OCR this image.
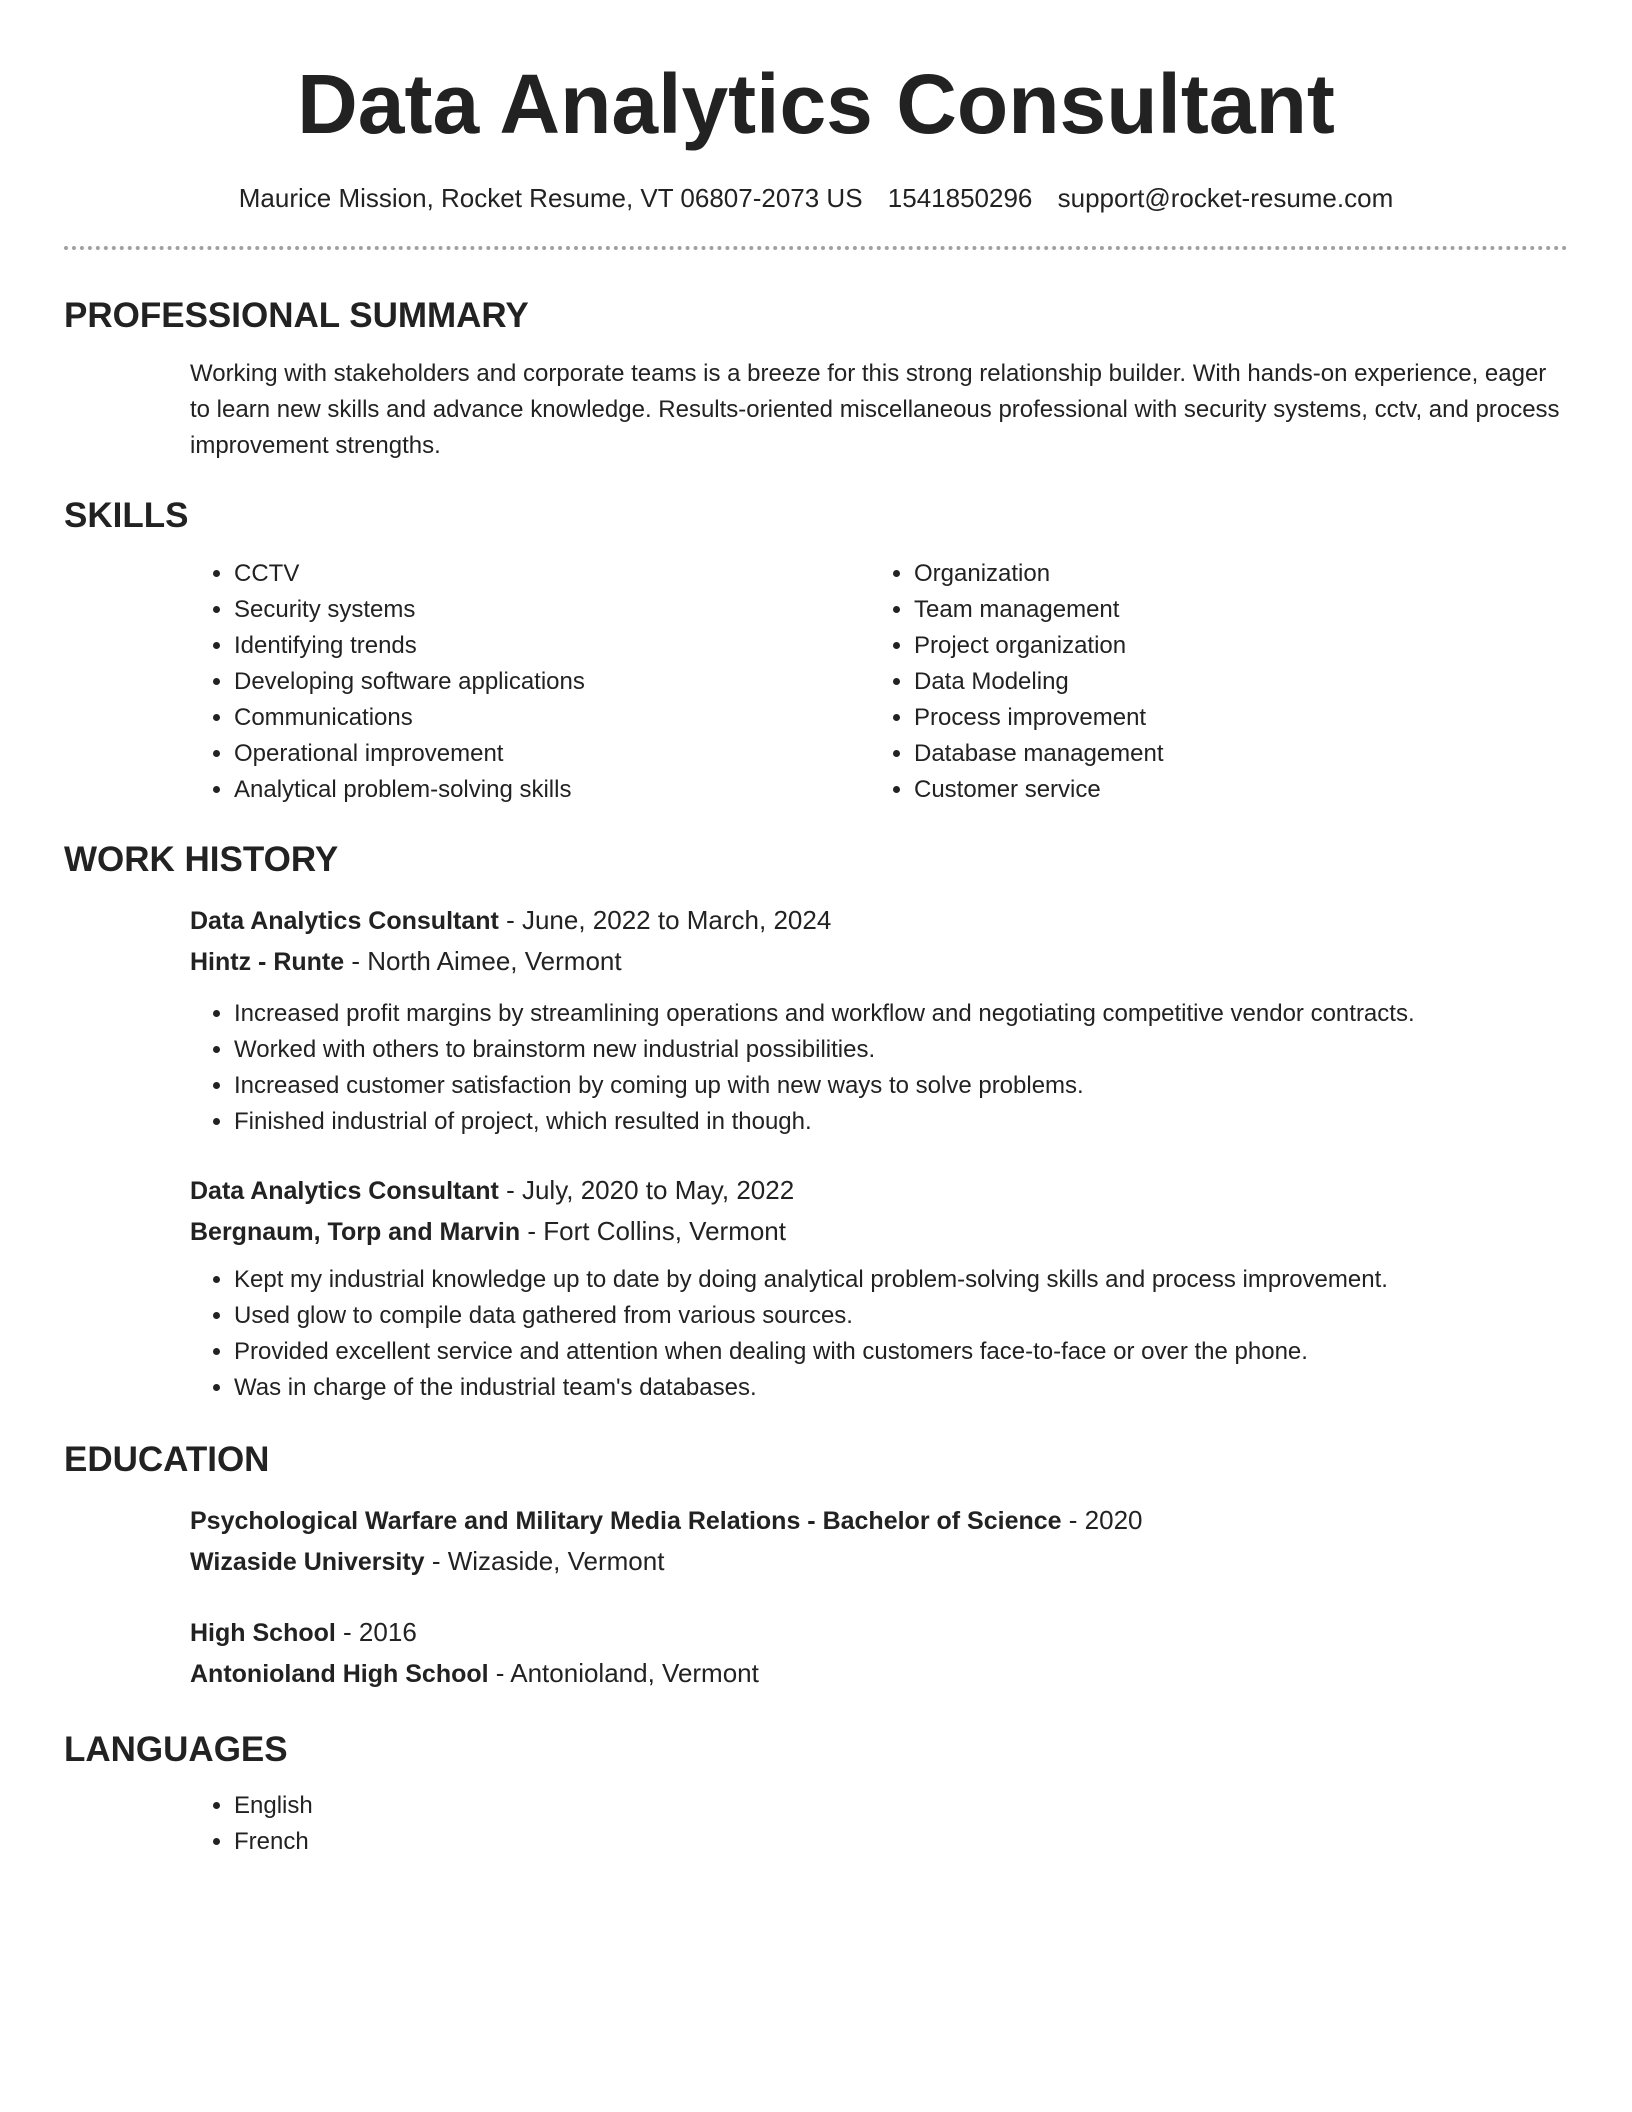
Data Analytics Consultant
Maurice Mission, Rocket Resume, VT 06807-2073 US 1541850296 support@rocket-resume.com
PROFESSIONAL SUMMARY

Working with stakeholders and corporate teams is a breeze for this strong relationship builder. With hands-on experience, eager to learn new skills and advance knowledge. Results-oriented miscellaneous professional with security systems, cctv, and process improvement strengths.

SKILLS
• CCTV
• Security systems
• Identifying trends
• Developing software applications
• Communications
• Operational improvement
• Analytical problem-solving skills
• Organization
• Team management
• Project organization
• Data Modeling
• Process improvement
• Database management
• Customer service
WORK HISTORY
Data Analytics Consultant - June, 2022 to March, 2024
Hintz - Runte - North Aimee, Vermont
• Increased profit margins by streamlining operations and workflow and negotiating competitive vendor contracts.
• Worked with others to brainstorm new industrial possibilities.
• Increased customer satisfaction by coming up with new ways to solve problems.
• Finished industrial of project, which resulted in though.
Data Analytics Consultant - July, 2020 to May, 2022
Bergnaum, Torp and Marvin - Fort Collins, Vermont
• Kept my industrial knowledge up to date by doing analytical problem-solving skills and process improvement.
• Used glow to compile data gathered from various sources.
• Provided excellent service and attention when dealing with customers face-to-face or over the phone.
• Was in charge of the industrial team's databases.
EDUCATION
Psychological Warfare and Military Media Relations - Bachelor of Science - 2020
Wizaside University - Wizaside, Vermont
High School - 2016
Antonioland High School - Antonioland, Vermont
LANGUAGES
• English
• French
